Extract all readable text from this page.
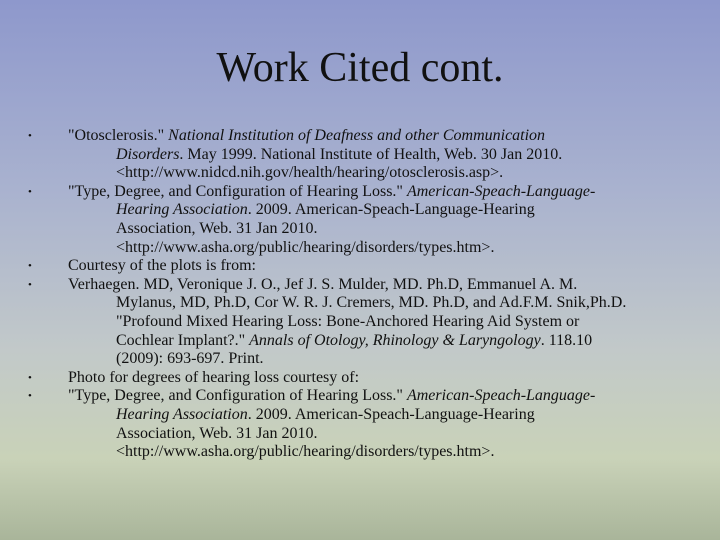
Work Cited cont.
•	"Otosclerosis." National Institution of Deafness and other Communication
Disorders. May 1999. National Institute of Health, Web. 30 Jan 2010.
<http://www.nidcd.nih.gov/health/hearing/otosclerosis.asp>.
•	"Type, Degree, and Configuration of Hearing Loss." American-Speach-Language-
Hearing Association. 2009. American-Speach-Language-Hearing
Association, Web. 31 Jan 2010.
<http://www.asha.org/public/hearing/disorders/types.htm>.
•	Courtesy of the plots is from:
•	Verhaegen. MD, Veronique J. O., Jef J. S. Mulder, MD. Ph.D, Emmanuel A. M.
Mylanus, MD, Ph.D, Cor W. R. J. Cremers, MD. Ph.D, and Ad.F.M. Snik,Ph.D.
"Profound Mixed Hearing Loss: Bone-Anchored Hearing Aid System or
Cochlear Implant?." Annals of Otology, Rhinology & Laryngology. 118.10
(2009): 693-697. Print.
•	Photo for degrees of hearing loss courtesy of:
•	"Type, Degree, and Configuration of Hearing Loss." American-Speach-Language-
Hearing Association. 2009. American-Speach-Language-Hearing
Association, Web. 31 Jan 2010.
<http://www.asha.org/public/hearing/disorders/types.htm>.
